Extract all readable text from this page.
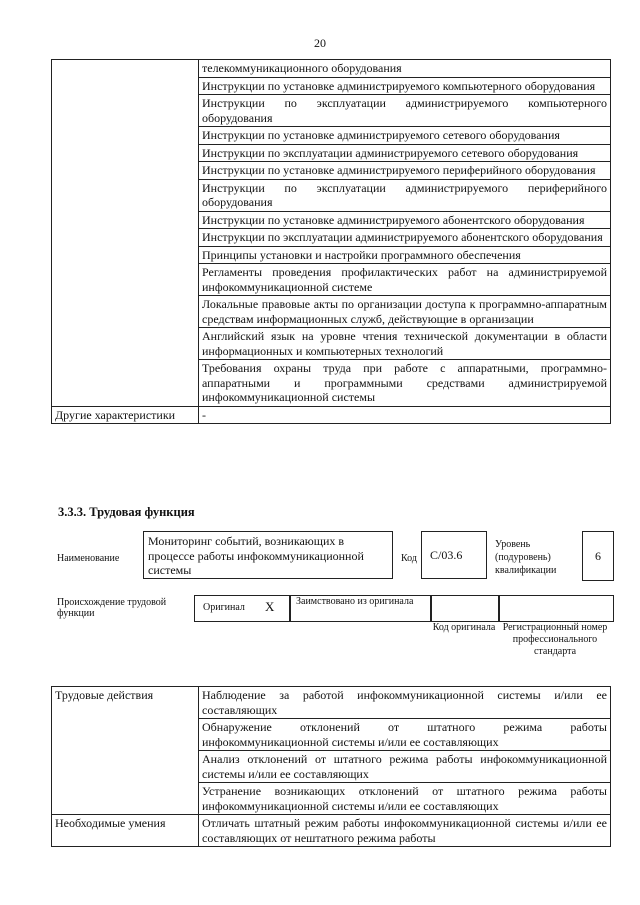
20
	телекоммуникационного оборудования
	Инструкции по установке администрируемого компьютерного оборудования
	Инструкции по эксплуатации администрируемого компьютерного оборудования
	Инструкции по установке администрируемого сетевого оборудования
	Инструкции по эксплуатации администрируемого сетевого оборудования
	Инструкции по установке администрируемого периферийного оборудования
	Инструкции по эксплуатации администрируемого периферийного оборудования
	Инструкции по установке администрируемого абонентского оборудования
	Инструкции по эксплуатации администрируемого абонентского оборудования
	Принципы установки и настройки программного обеспечения
	Регламенты проведения профилактических работ на администрируемой инфокоммуникационной системе
	Локальные правовые акты по организации доступа к программно-аппаратным средствам информационных служб, действующие в организации
	Английский язык на уровне чтения технической документации в области информационных и компьютерных технологий
	Требования охраны труда при работе с аппаратными, программно-аппаратными и программными средствами администрируемой инфокоммуникационной системы
Другие характеристики	-
3.3.3. Трудовая функция
Наименование
Мониторинг событий, возникающих в процессе работы инфокоммуникационной системы
Код	С/03.6
Уровень (подуровень) квалификации
6
Происхождение трудовой функции
Оригинал X Заимствовано из оригинала
Код оригинала Регистрационный номер профессионального стандарта
Трудовые действия	Наблюдение за работой инфокоммуникационной системы и/или ее составляющих
	Обнаружение отклонений от штатного режима работы инфокоммуникационной системы и/или ее составляющих
	Анализ отклонений от штатного режима работы инфокоммуникационной системы и/или ее составляющих
	Устранение возникающих отклонений от штатного режима работы инфокоммуникационной системы и/или ее составляющих
Необходимые умения	Отличать штатный режим работы инфокоммуникационной системы и/или ее составляющих от нештатного режима работы
